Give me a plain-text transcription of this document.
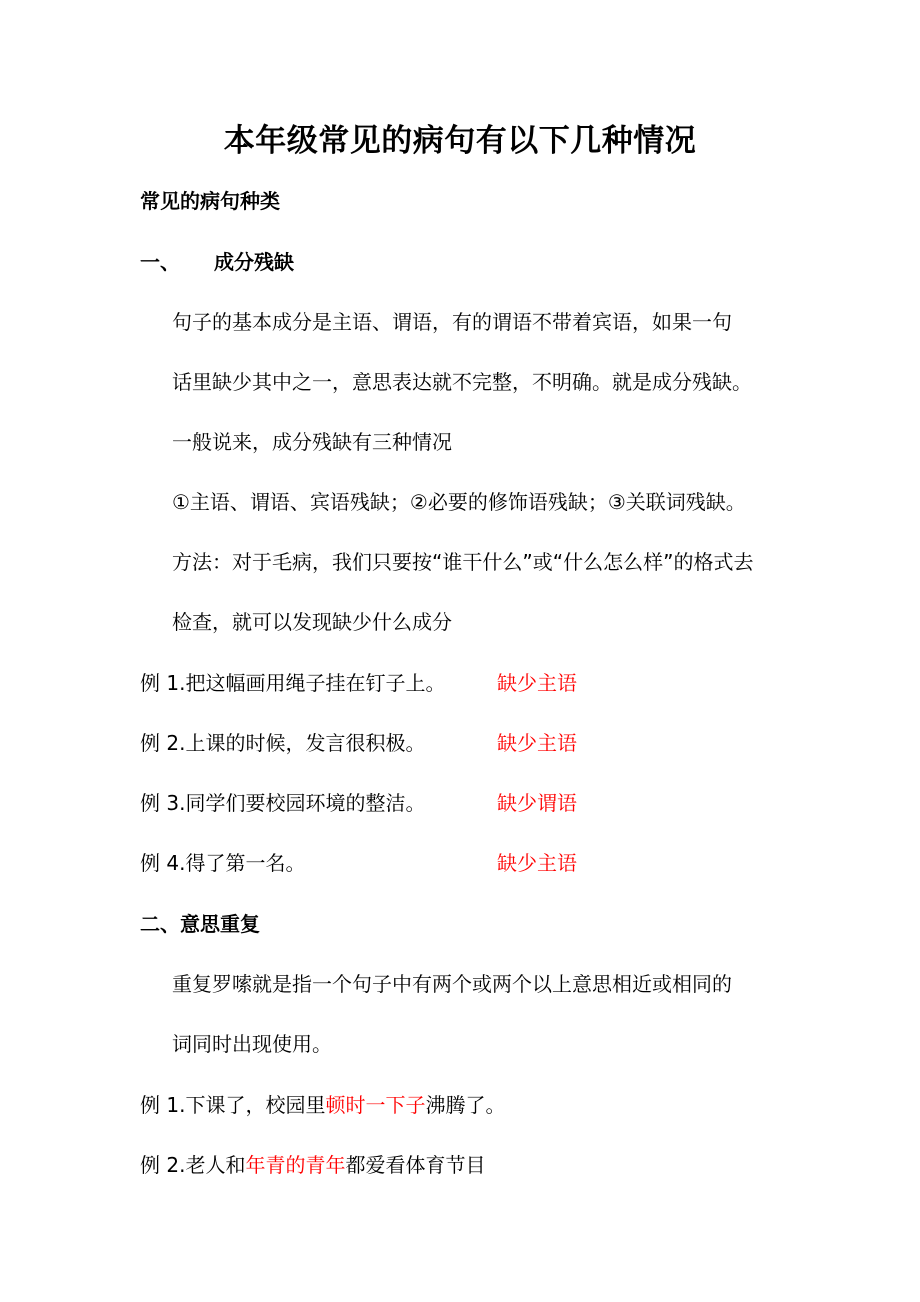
本年级常见的病句有以下几种情况
常见的病句种类
一、 成分残缺
句子的基本成分是主语、谓语，有的谓语不带着宾语，如果一句
话里缺少其中之一，意思表达就不完整，不明确。就是成分残缺。
一般说来，成分残缺有三种情况
①主语、谓语、宾语残缺；②必要的修饰语残缺；③关联词残缺。
方法：对于毛病，我们只要按“谁干什么”或“什么怎么样”的格式去
检查，就可以发现缺少什么成分
例 1.把这幅画用绳子挂在钉子上。	缺少主语
例 2.上课的时候，发言很积极。	缺少主语
例 3.同学们要校园环境的整洁。	缺少谓语
例 4.得了第一名。	缺少主语
二、意思重复
重复罗嗦就是指一个句子中有两个或两个以上意思相近或相同的
词同时出现使用。
例 1.下课了，校园里顿时一下子沸腾了。
例 2.老人和年青的青年都爱看体育节目
